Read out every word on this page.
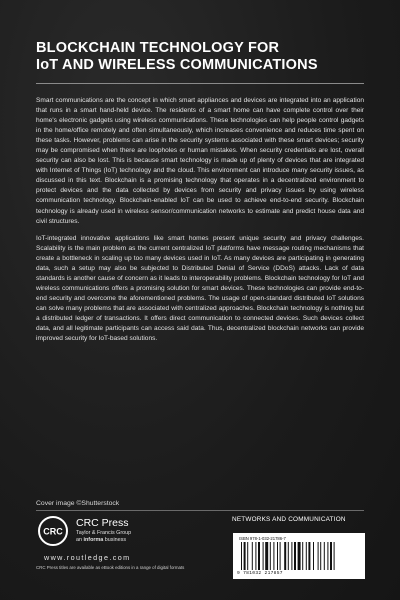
BLOCKCHAIN TECHNOLOGY FOR
IoT AND WIRELESS COMMUNICATIONS

Smart communications are the concept in which smart appliances and devices are integrated into an application that runs in a smart hand-held device. The residents of a smart home can have complete control over their home's electronic gadgets using wireless communications. These technologies can help people control gadgets in the home/office remotely and often simultaneously, which increases convenience and reduces time spent on these tasks. However, problems can arise in the security systems associated with these smart devices; security may be compromised when there are loopholes or human mistakes. When security credentials are lost, overall security can also be lost. This is because smart technology is made up of plenty of devices that are integrated with Internet of Things (IoT) technology and the cloud. This environment can introduce many security issues, as discussed in this text. Blockchain is a promising technology that operates in a decentralized environment to protect devices and the data collected by devices from security and privacy issues by using wireless communication technology. Blockchain-enabled IoT can be used to achieve end-to-end security. Blockchain technology is already used in wireless sensor/communication networks to estimate and predict house data and civil structures.

IoT-integrated innovative applications like smart homes present unique security and privacy challenges. Scalability is the main problem as the current centralized IoT platforms have message routing mechanisms that create a bottleneck in scaling up too many devices used in IoT. As many devices are participating in generating data, such a setup may also be subjected to Distributed Denial of Service (DDoS) attacks. Lack of data standards is another cause of concern as it leads to interoperability problems. Blockchain technology for IoT and wireless communications offers a promising solution for smart devices. These technologies can provide end-to-end security and overcome the aforementioned problems. The usage of open-standard distributed IoT solutions can solve many problems that are associated with centralized approaches. Blockchain technology is nothing but a distributed ledger of transactions. It offers direct communication to connected devices. Such devices collect data, and all legitimate participants can access said data. Thus, decentralized blockchain networks can provide improved security for IoT-based solutions.

Cover image ©Shutterstock
CRC
CRC Press
Taylor & Francis Group
an informa business
www.routledge.com
CRC Press titles are available as eBook editions in a range of digital formats
NETWORKS AND COMMUNICATION
ISBN 978-1-032-21786-7
9 781032 217857
